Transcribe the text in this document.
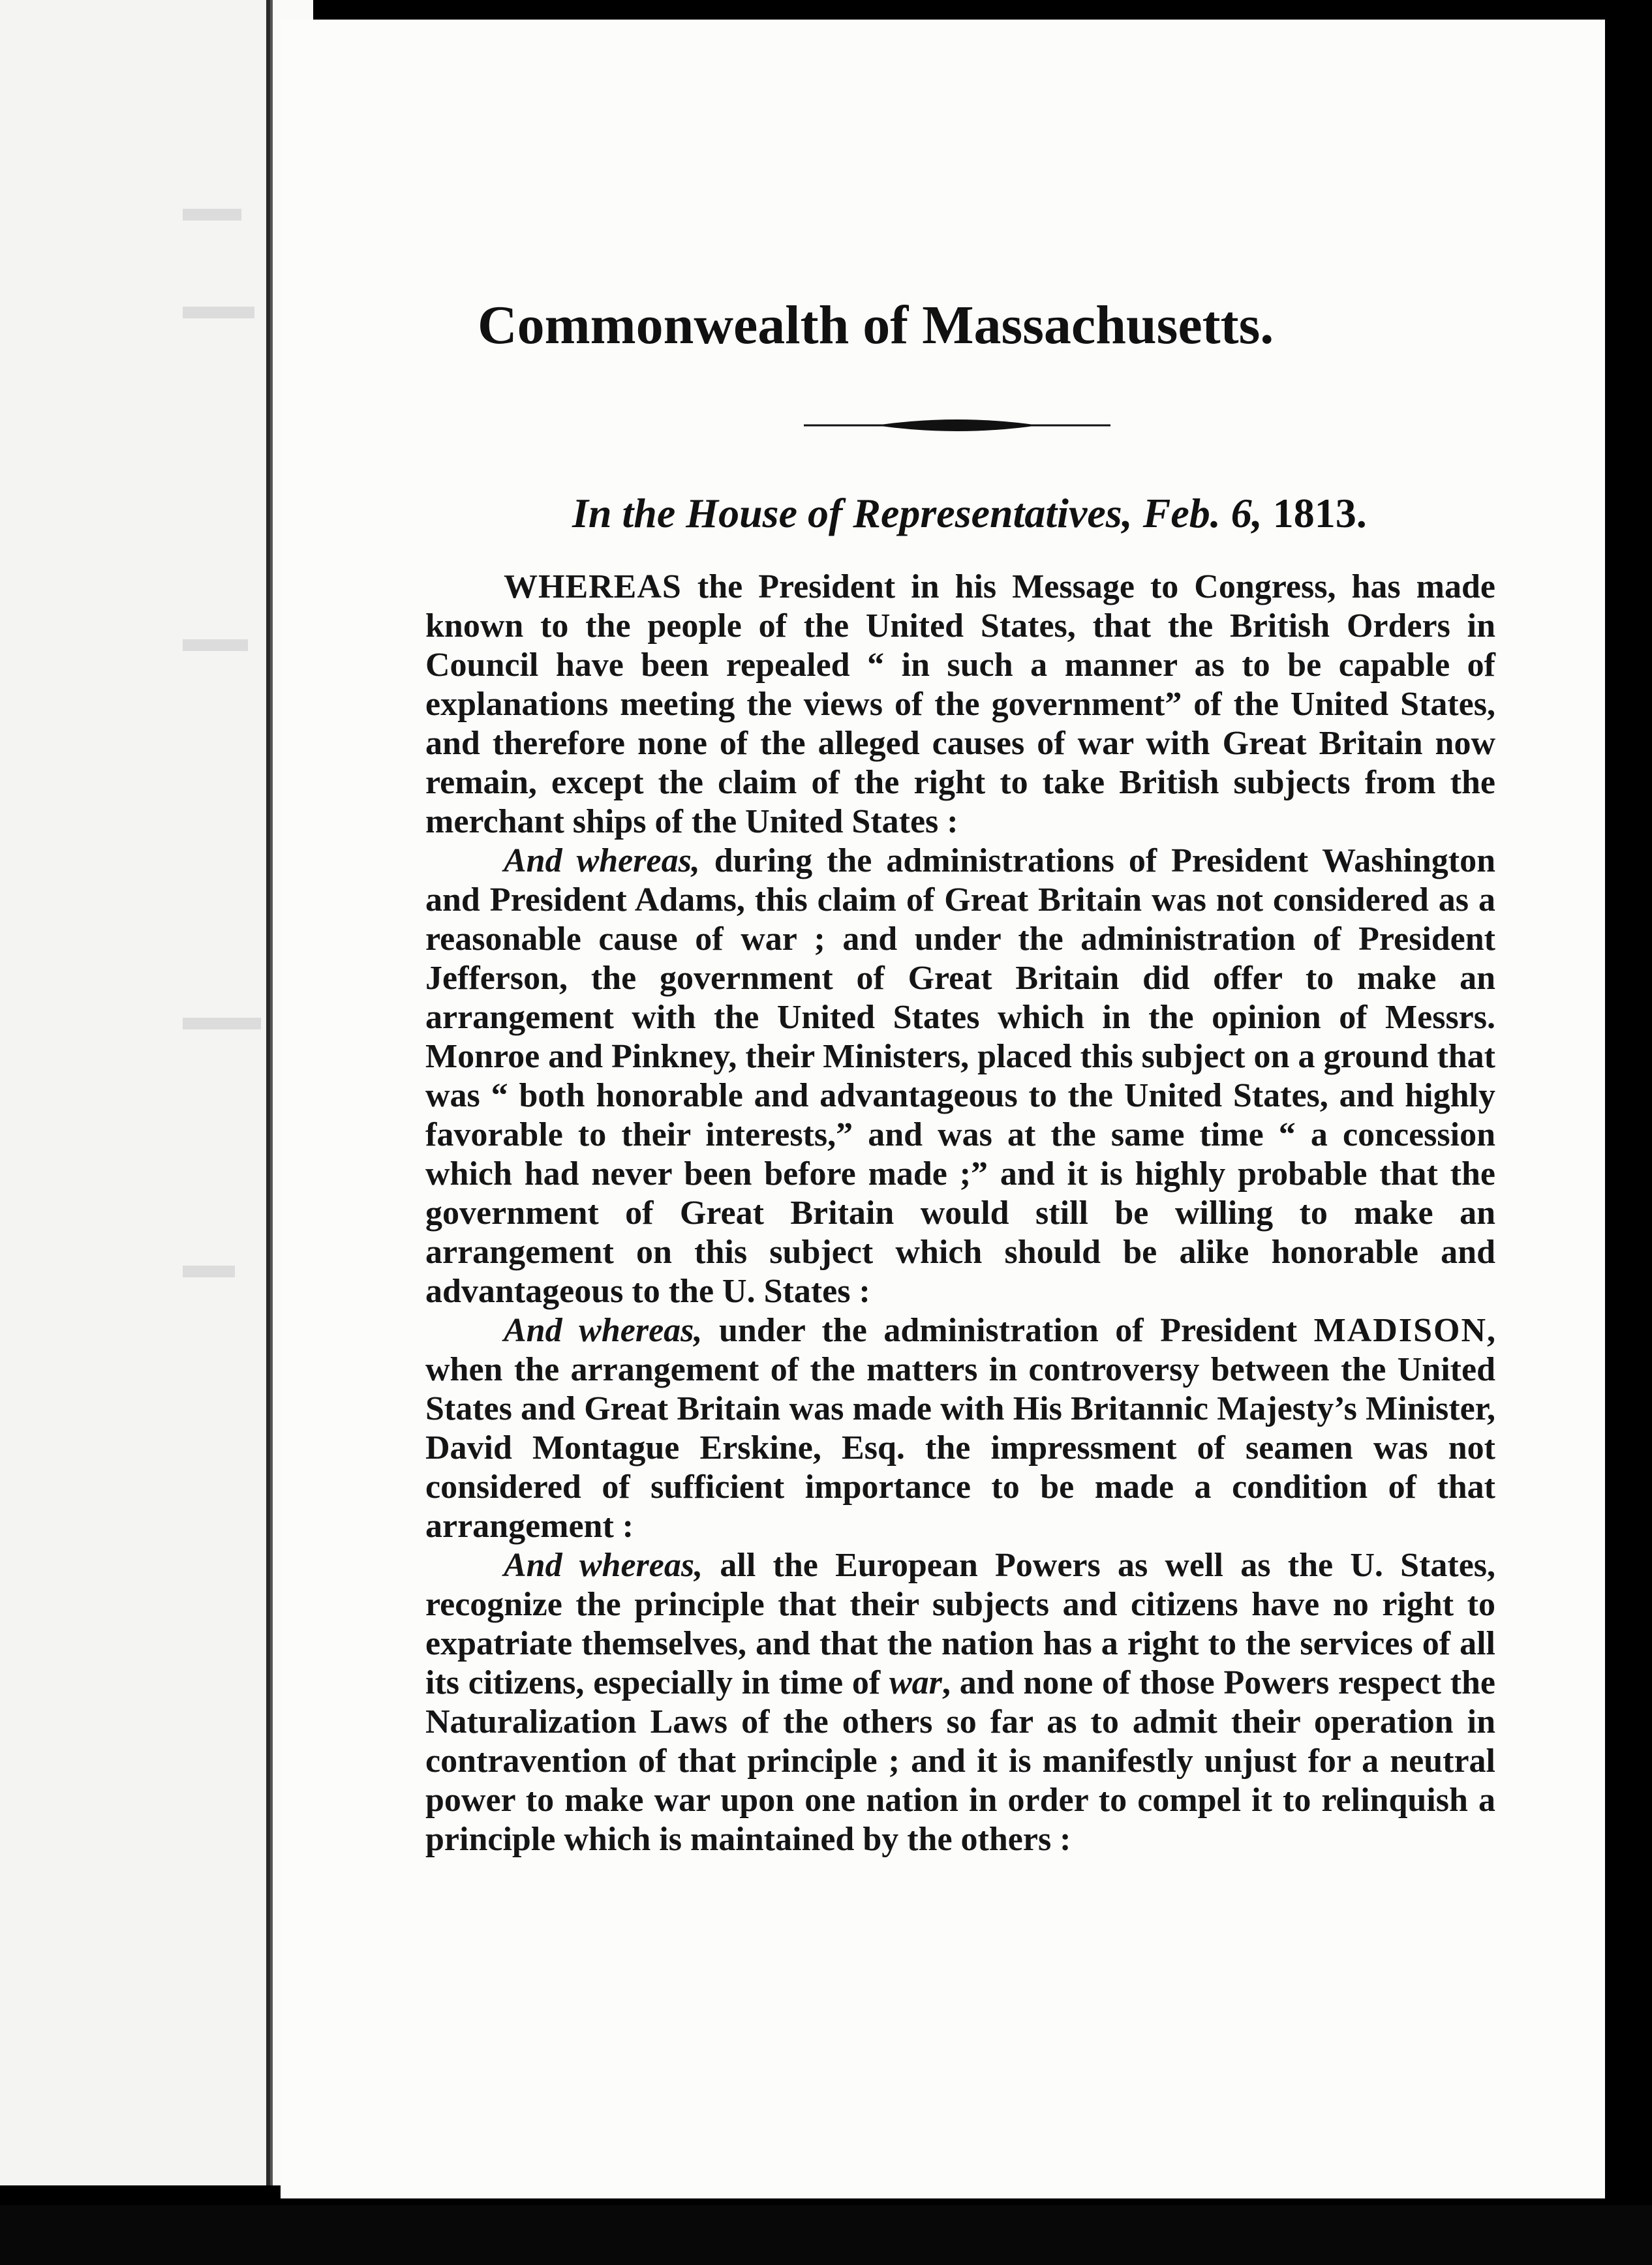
Commonwealth of Massachusetts.
In the House of Representatives, Feb. 6, 1813.

WHEREAS the President in his Message to Congress, has made known to the people of the United States, that the British Orders in Council have been repealed “ in such a manner as to be capable of explanations meeting the views of the government” of the United States, and therefore none of the alleged causes of war with Great Britain now remain, except the claim of the right to take British subjects from the merchant ships of the United States :

And whereas, during the administrations of President Washington and President Adams, this claim of Great Britain was not considered as a reasonable cause of war ; and under the administration of President Jefferson, the government of Great Britain did offer to make an arrangement with the United States which in the opinion of Messrs. Monroe and Pinkney, their Ministers, placed this subject on a ground that was “ both honorable and advantageous to the United States, and highly favorable to their interests,” and was at the same time “ a concession which had never been before made ;” and it is highly probable that the government of Great Britain would still be willing to make an arrangement on this subject which should be alike honorable and advantageous to the U. States :

And whereas, under the administration of President MADISON, when the arrangement of the matters in controversy between the United States and Great Britain was made with His Britannic Majesty’s Minister, David Montague Erskine, Esq. the impressment of seamen was not considered of sufficient importance to be made a condition of that arrangement :

And whereas, all the European Powers as well as the U. States, recognize the principle that their subjects and citizens have no right to expatriate themselves, and that the nation has a right to the services of all its citizens, especially in time of war, and none of those Powers respect the Naturalization Laws of the others so far as to admit their operation in contravention of that principle ; and it is manifestly unjust for a neutral power to make war upon one nation in order to compel it to relinquish a principle which is maintained by the others :
